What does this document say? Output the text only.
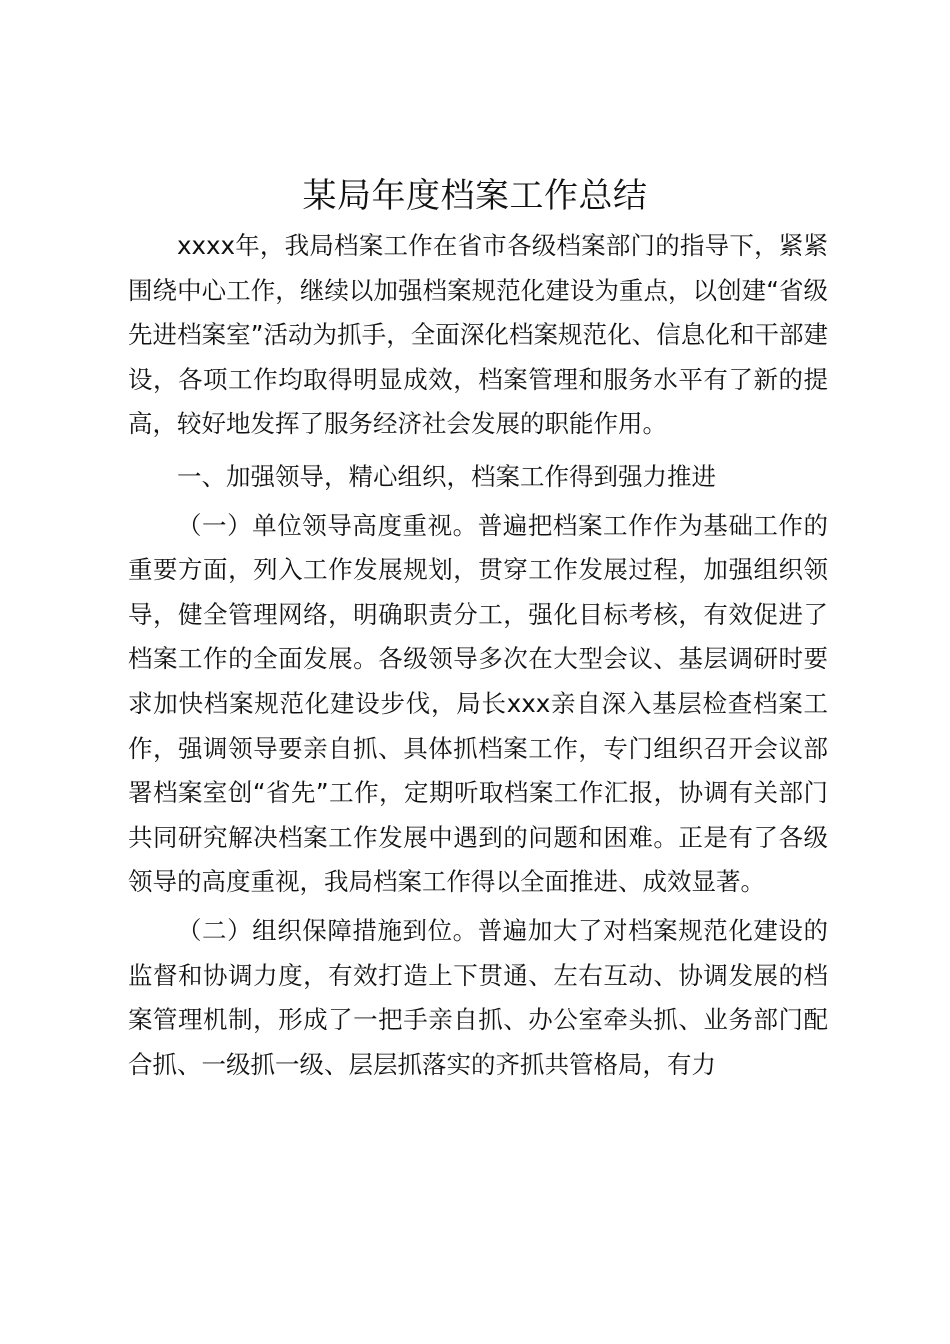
某局年度档案工作总结

xxxx年，我局档案工作在省市各级档案部门的指导下，紧紧围绕中心工作，继续以加强档案规范化建设为重点，以创建“省级先进档案室”活动为抓手，全面深化档案规范化、信息化和干部建设，各项工作均取得明显成效，档案管理和服务水平有了新的提高，较好地发挥了服务经济社会发展的职能作用。

一、加强领导，精心组织，档案工作得到强力推进

（一）单位领导高度重视。普遍把档案工作作为基础工作的重要方面，列入工作发展规划，贯穿工作发展过程，加强组织领导，健全管理网络，明确职责分工，强化目标考核，有效促进了档案工作的全面发展。各级领导多次在大型会议、基层调研时要求加快档案规范化建设步伐，局长xxx亲自深入基层检查档案工作，强调领导要亲自抓、具体抓档案工作，专门组织召开会议部署档案室创“省先”工作，定期听取档案工作汇报，协调有关部门共同研究解决档案工作发展中遇到的问题和困难。正是有了各级领导的高度重视，我局档案工作得以全面推进、成效显著。

（二）组织保障措施到位。普遍加大了对档案规范化建设的监督和协调力度，有效打造上下贯通、左右互动、协调发展的档案管理机制，形成了一把手亲自抓、办公室牵头抓、业务部门配合抓、一级抓一级、层层抓落实的齐抓共管格局，有力
